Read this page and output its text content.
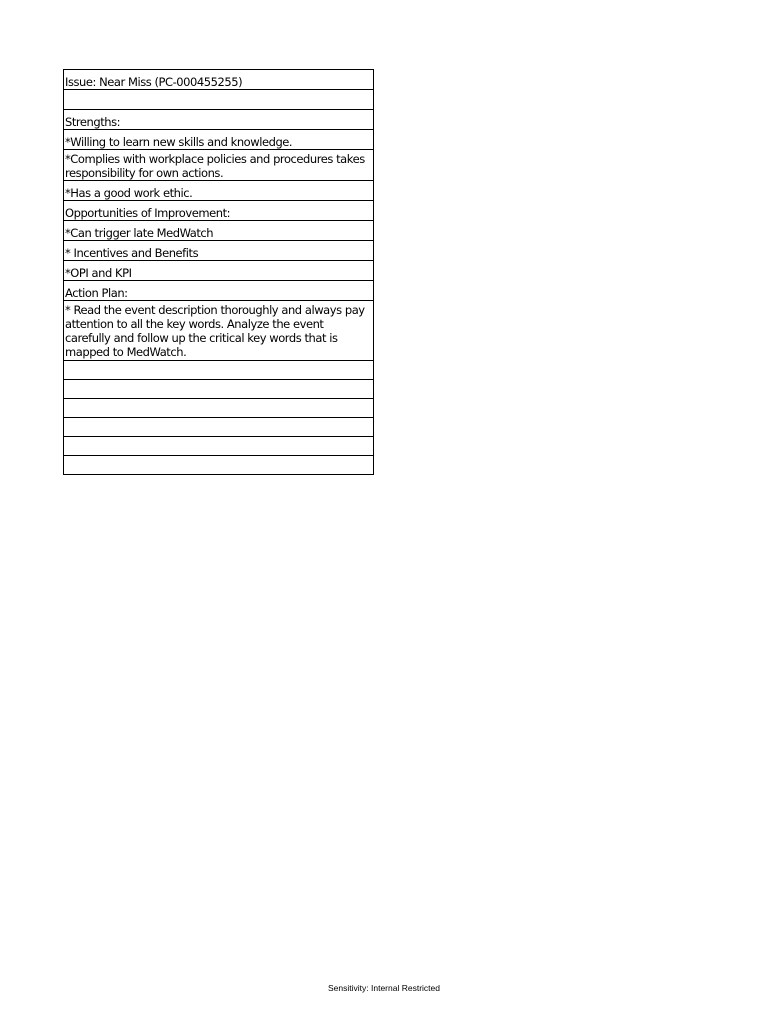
Issue: Near Miss (PC-000455255)

Strengths:
*Willing to learn new skills and knowledge.
*Complies with workplace policies and procedures takes responsibility for own actions.
*Has a good work ethic.
Opportunities of Improvement:
*Can trigger late MedWatch
* Incentives and Benefits
*OPI and KPI
Action Plan:
* Read the event description thoroughly and always pay attention to all the key words. Analyze the event carefully and follow up the critical key words that is mapped to MedWatch.

Sensitivity: Internal Restricted
